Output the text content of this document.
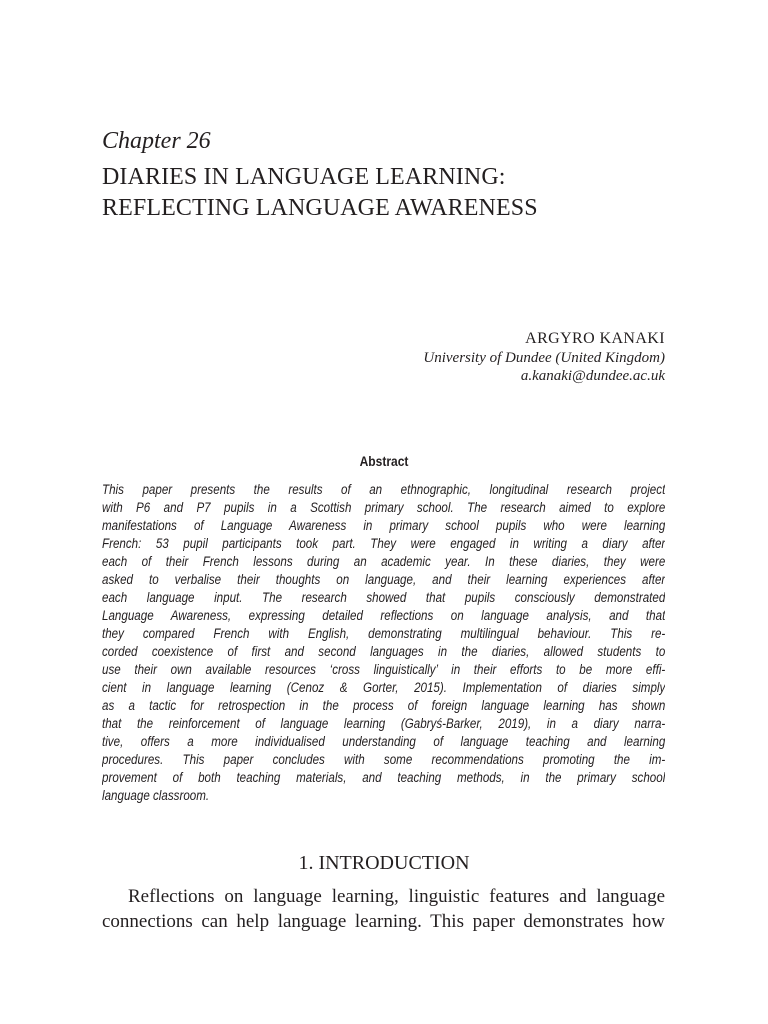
Chapter 26
DIARIES IN LANGUAGE LEARNING:
REFLECTING LANGUAGE AWARENESS
ARGYRO KANAKI
University of Dundee (United Kingdom)
a.kanaki@dundee.ac.uk
Abstract
This paper presents the results of an ethnographic, longitudinal research project
with P6 and P7 pupils in a Scottish primary school. The research aimed to explore
manifestations of Language Awareness in primary school pupils who were learning
French: 53 pupil participants took part. They were engaged in writing a diary after
each of their French lessons during an academic year. In these diaries, they were
asked to verbalise their thoughts on language, and their learning experiences after
each language input. The research showed that pupils consciously demonstrated
Language Awareness, expressing detailed reflections on language analysis, and that
they compared French with English, demonstrating multilingual behaviour. This re-
corded coexistence of first and second languages in the diaries, allowed students to
use their own available resources ‘cross linguistically’ in their efforts to be more effi-
cient in language learning (Cenoz & Gorter, 2015). Implementation of diaries simply
as a tactic for retrospection in the process of foreign language learning has shown
that the reinforcement of language learning (Gabryś-Barker, 2019), in a diary narra-
tive, offers a more individualised understanding of language teaching and learning
procedures. This paper concludes with some recommendations promoting the im-
provement of both teaching materials, and teaching methods, in the primary school
language classroom.
1. INTRODUCTION
Reflections on language learning, linguistic features and language
connections can help language learning. This paper demonstrates how
